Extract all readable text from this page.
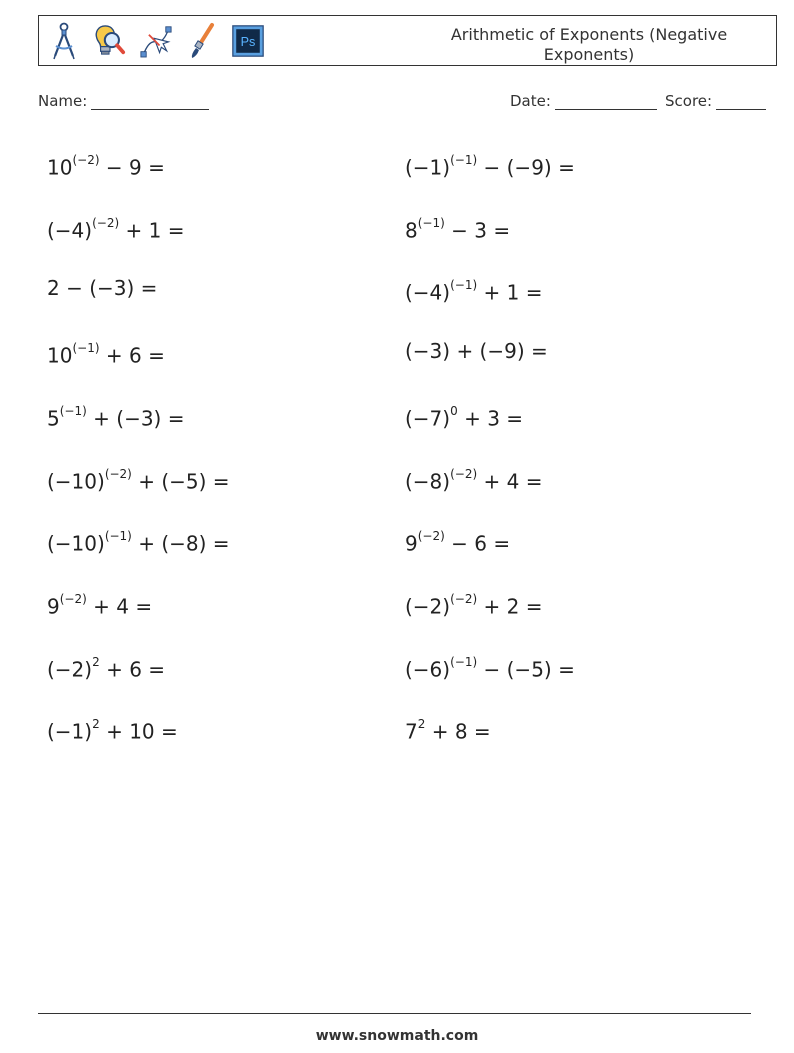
Ps	Arithmetic of Exponents (Negative Exponents)
Name:	Date:	Score:
www.snowmath.com
$10^{(-2)} - 9$ =
$(-4)^{(-2)} + 1$ =
2 − (−3) =
$10^{(-1)} + 6$ =
$5^{(-1)} + (-3)$ =
$(-10)^{(-2)} + (-5)$ =
$(-10)^{(-1)} + (-8)$ =
$9^{(-2)} + 4$ =
$(-2)^2 + 6$ =
$(-1)^2 + 10$ =
$(-1)^{(-1)} - (-9)$ =
$8^{(-1)} - 3$ =
$(-4)^{(-1)} + 1$ =
(−3) + (−9) =
$(-7)^0 + 3$ =
$(-8)^{(-2)} + 4$ =
$9^{(-2)} - 6$ =
$(-2)^{(-2)} + 2$ =
$(-6)^{(-1)} - (-5)$ =
$7^2 + 8$ =
